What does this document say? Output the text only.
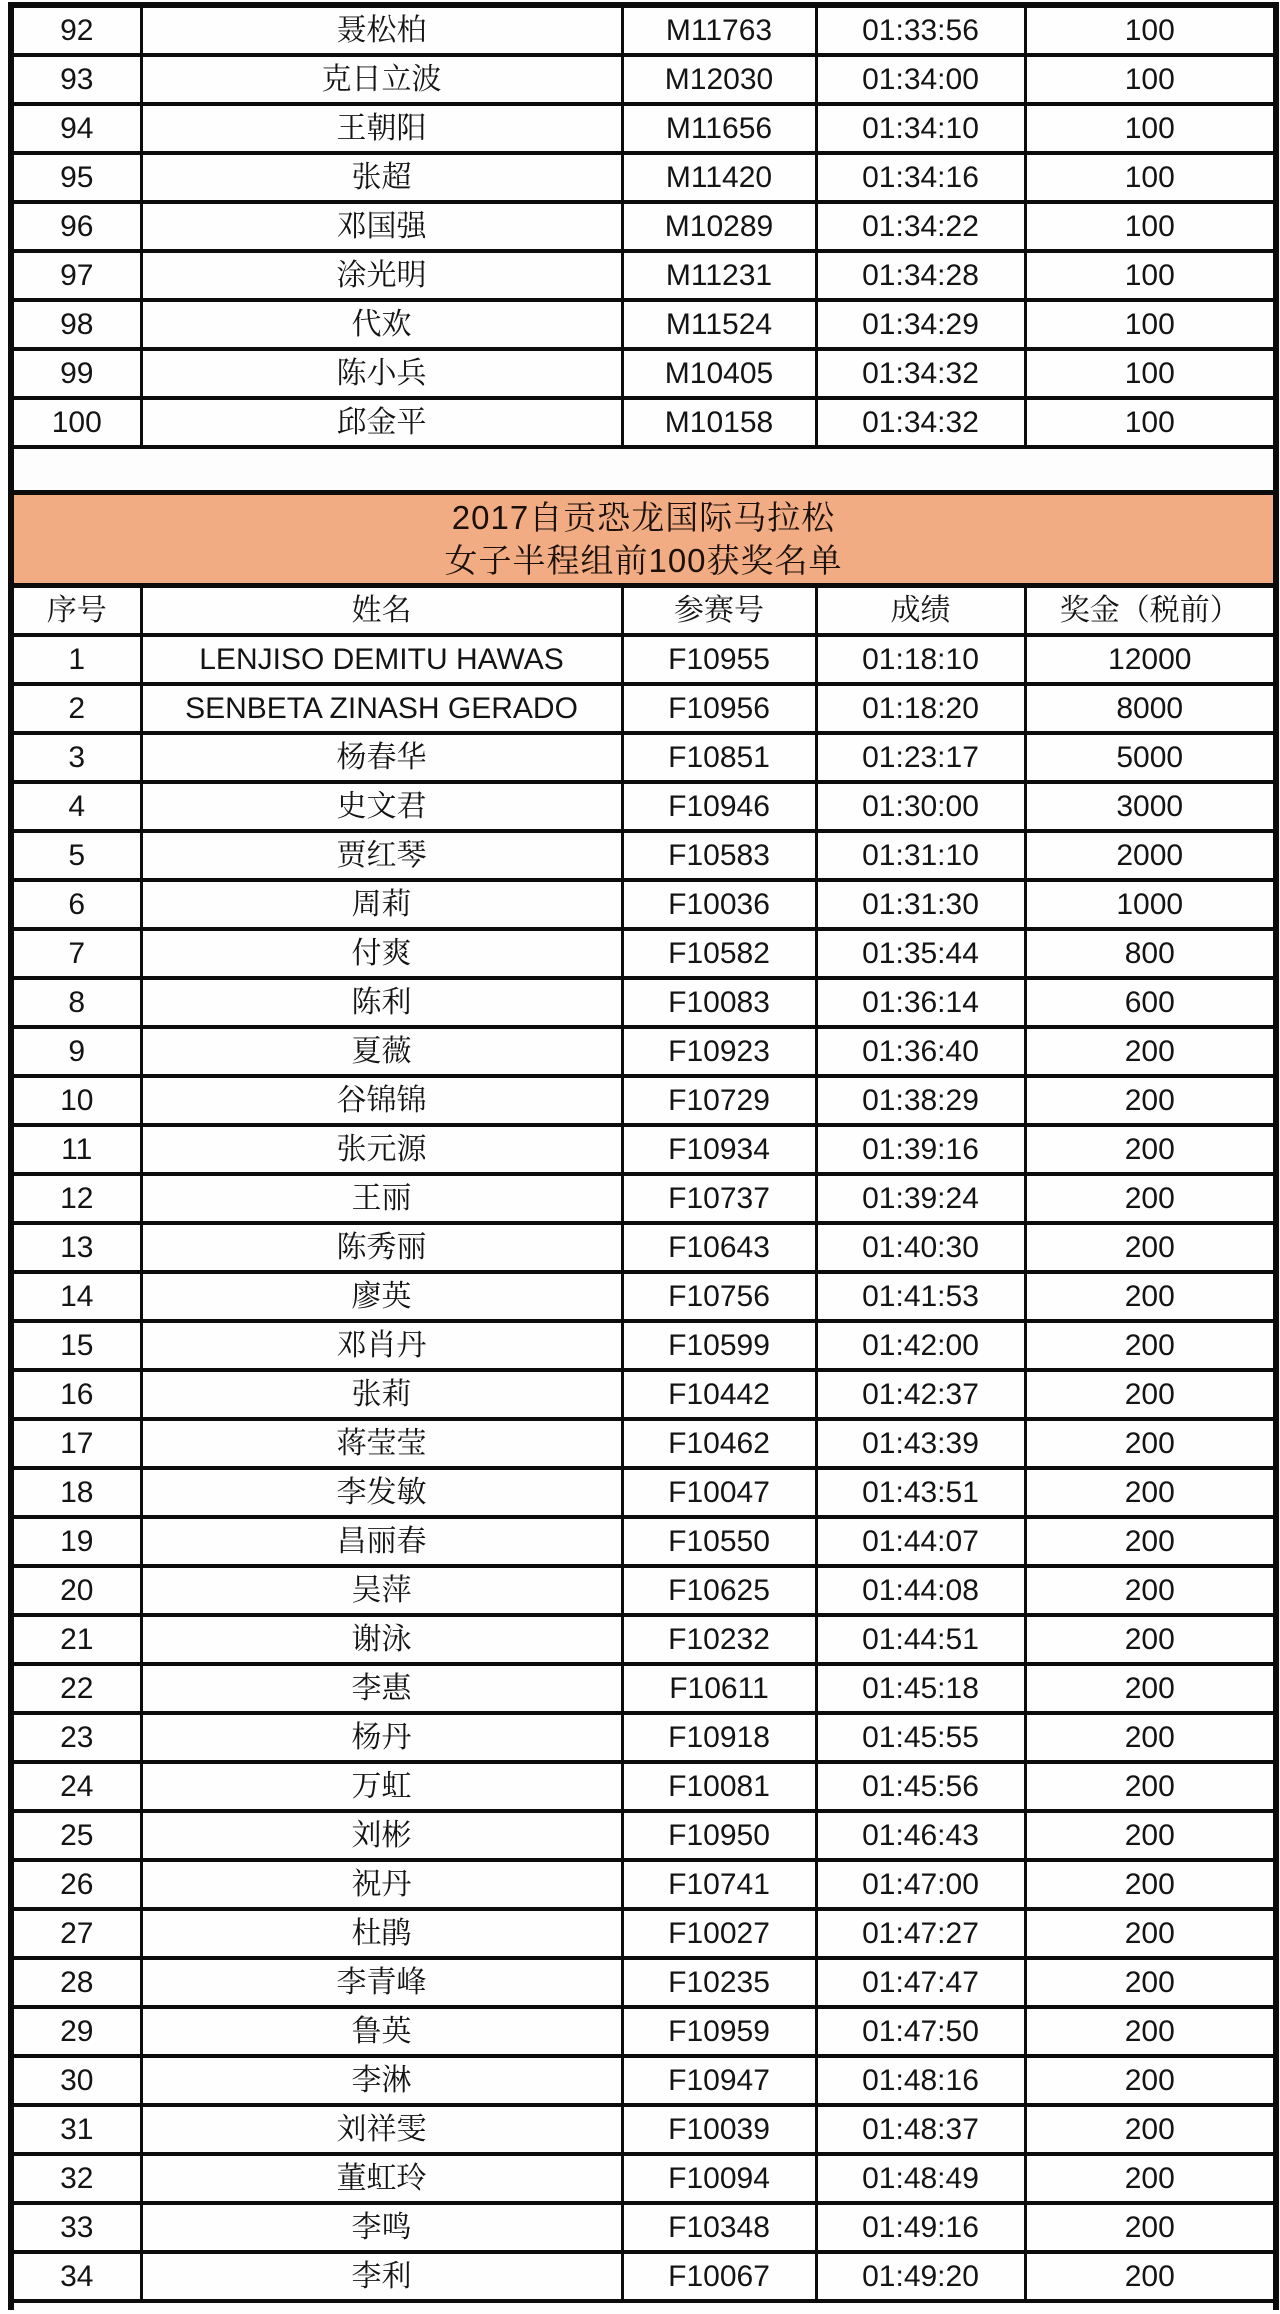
92	聂松柏	M11763	01:33:56	100
93	克日立波	M12030	01:34:00	100
94	王朝阳	M11656	01:34:10	100
95	张超	M11420	01:34:16	100
96	邓国强	M10289	01:34:22	100
97	涂光明	M11231	01:34:28	100
98	代欢	M11524	01:34:29	100
99	陈小兵	M10405	01:34:32	100
100	邱金平	M10158	01:34:32	100

2017自贡恐龙国际马拉松
女子半程组前100获奖名单				

序号	姓名	参赛号	成绩	奖金（税前）
1	LENJISO DEMITU HAWAS	F10955	01:18:10	12000
2	SENBETA ZINASH GERADO	F10956	01:18:20	8000
3	杨春华	F10851	01:23:17	5000
4	史文君	F10946	01:30:00	3000
5	贾红琴	F10583	01:31:10	2000
6	周莉	F10036	01:31:30	1000
7	付爽	F10582	01:35:44	800
8	陈利	F10083	01:36:14	600
9	夏薇	F10923	01:36:40	200
10	谷锦锦	F10729	01:38:29	200
11	张元源	F10934	01:39:16	200
12	王丽	F10737	01:39:24	200
13	陈秀丽	F10643	01:40:30	200
14	廖英	F10756	01:41:53	200
15	邓肖丹	F10599	01:42:00	200
16	张莉	F10442	01:42:37	200
17	蒋莹莹	F10462	01:43:39	200
18	李发敏	F10047	01:43:51	200
19	昌丽春	F10550	01:44:07	200
20	吴萍	F10625	01:44:08	200
21	谢泳	F10232	01:44:51	200
22	李惠	F10611	01:45:18	200
23	杨丹	F10918	01:45:55	200
24	万虹	F10081	01:45:56	200
25	刘彬	F10950	01:46:43	200
26	祝丹	F10741	01:47:00	200
27	杜鹃	F10027	01:47:27	200
28	李青峰	F10235	01:47:47	200
29	鲁英	F10959	01:47:50	200
30	李淋	F10947	01:48:16	200
31	刘祥雯	F10039	01:48:37	200
32	董虹玲	F10094	01:48:49	200
33	李鸣	F10348	01:49:16	200
34	李利	F10067	01:49:20	200
